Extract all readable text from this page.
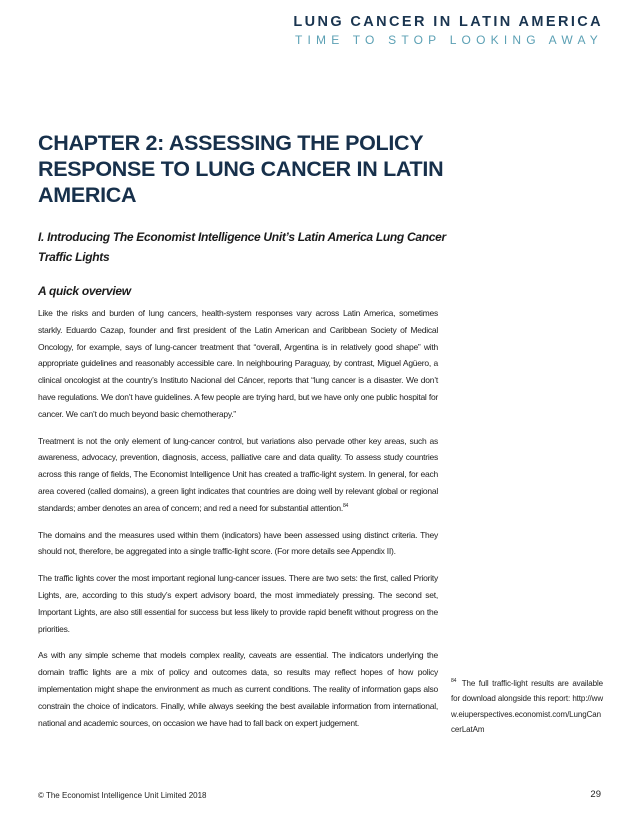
LUNG CANCER IN LATIN AMERICA
TIME TO STOP LOOKING AWAY
CHAPTER 2: ASSESSING THE POLICY RESPONSE TO LUNG CANCER IN LATIN AMERICA
I. Introducing The Economist Intelligence Unit’s Latin America Lung Cancer Traffic Lights
A quick overview

Like the risks and burden of lung cancers, health-system responses vary across Latin America, sometimes starkly. Eduardo Cazap, founder and first president of the Latin American and Caribbean Society of Medical Oncology, for example, says of lung-cancer treatment that “overall, Argentina is in relatively good shape” with appropriate guidelines and reasonably accessible care. In neighbouring Paraguay, by contrast, Miguel Agüero, a clinical oncologist at the country’s Instituto Nacional del Cáncer, reports that “lung cancer is a disaster. We don’t have regulations. We don’t have guidelines. A few people are trying hard, but we have only one public hospital for cancer. We can’t do much beyond basic chemotherapy.”

Treatment is not the only element of lung-cancer control, but variations also pervade other key areas, such as awareness, advocacy, prevention, diagnosis, access, palliative care and data quality. To assess study countries across this range of fields, The Economist Intelligence Unit has created a traffic-light system. In general, for each area covered (called domains), a green light indicates that countries are doing well by relevant global or regional standards; amber denotes an area of concern; and red a need for substantial attention.$^{84}$

The domains and the measures used within them (indicators) have been assessed using distinct criteria. They should not, therefore, be aggregated into a single traffic-light score. (For more details see Appendix II).

The traffic lights cover the most important regional lung-cancer issues. There are two sets: the first, called Priority Lights, are, according to this study’s expert advisory board, the most immediately pressing. The second set, Important Lights, are also still essential for success but less likely to provide rapid benefit without progress on the priorities.

As with any simple scheme that models complex reality, caveats are essential. The indicators underlying the domain traffic lights are a mix of policy and outcomes data, so results may reflect hopes of how policy implementation might shape the environment as much as current conditions. The reality of information gaps also constrain the choice of indicators. Finally, while always seeking the best available information from international, national and academic sources, on occasion we have had to fall back on expert judgement.

$^{84}$ The full traffic-light results are available for download alongside this report: http://www.eiuperspectives.economist.com/LungCancerLatAm
© The Economist Intelligence Unit Limited 2018	29
